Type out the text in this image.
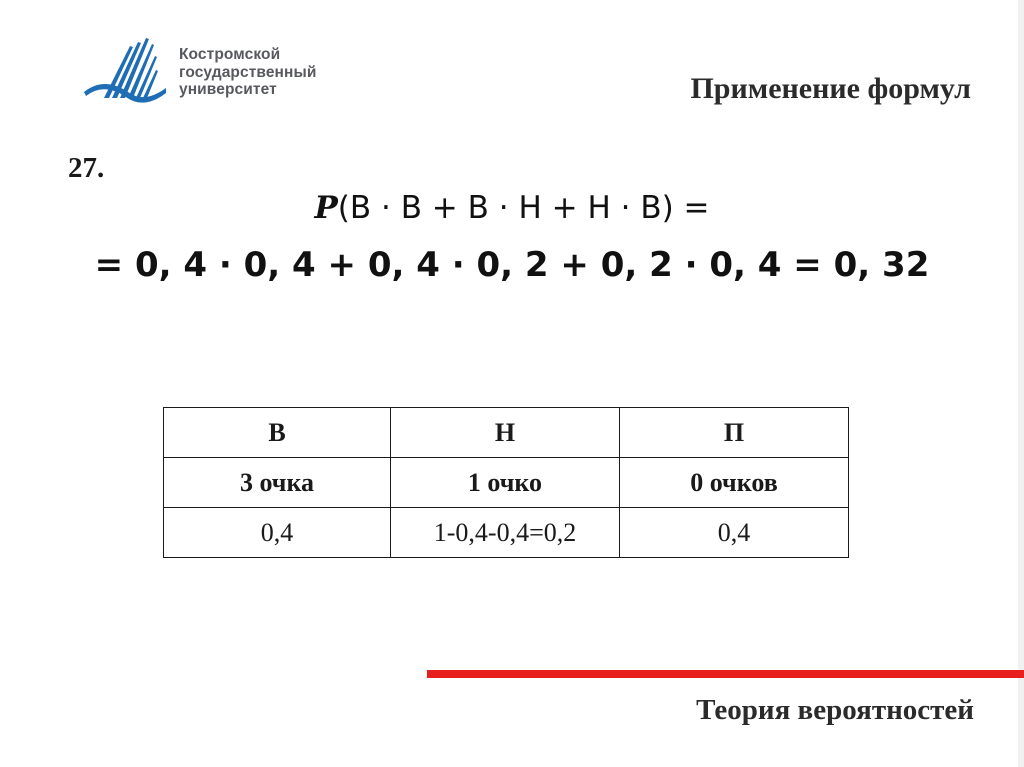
Костромской
государственный
университет	Применение формул
27.
𝑷(В · В + В · Н + Н · В) =
= 0, 4 · 0, 4 + 0, 4 · 0, 2 + 0, 2 · 0, 4 = 0, 32
В	Н	П
3 очка	1 очко	0 очков
0,4	1-0,4-0,4=0,2	0,4
Теория вероятностей
